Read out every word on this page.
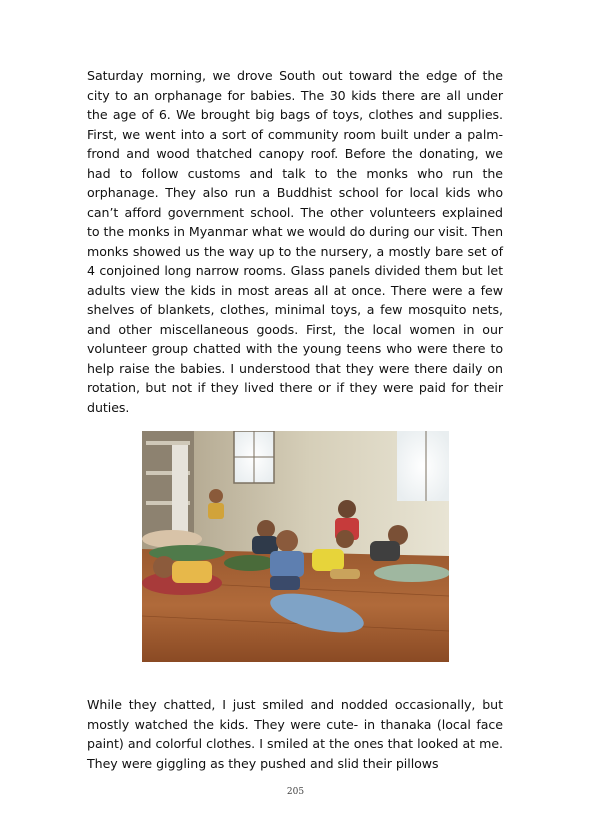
Saturday morning, we drove South out toward the edge of the city to an orphanage for babies. The 30 kids there are all under the age of 6. We brought big bags of toys, clothes and supplies. First, we went into a sort of community room built under a palm-frond and wood thatched canopy roof. Before the donating, we had to follow customs and talk to the monks who run the orphanage. They also run a Buddhist school for local kids who can’t afford government school. The other volunteers explained to the monks in Myanmar what we would do during our visit. Then monks showed us the way up to the nursery, a mostly bare set of 4 conjoined long narrow rooms. Glass panels divided them but let adults view the kids in most areas all at once. There were a few shelves of blankets, clothes, minimal toys, a few mosquito nets, and other miscellaneous goods. First, the local women in our volunteer group chatted with the young teens who were there to help raise the babies. I understood that they were there daily on rotation, but not if they lived there or if they were paid for their duties.

While they chatted, I just smiled and nodded occasionally, but mostly watched the kids. They were cute- in thanaka (local face paint) and colorful clothes. I smiled at the ones that looked at me. They were giggling as they pushed and slid their pillows

205
